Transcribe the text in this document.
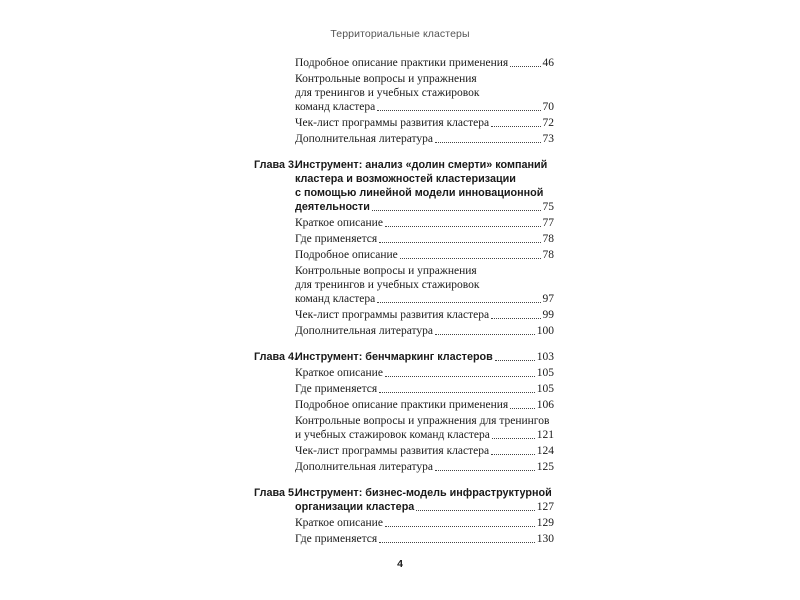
Территориальные кластеры
Подробное описание практики применения	46
Контрольные вопросы и упражнения
для тренингов и учебных стажировок
команд кластера	70
Чек-лист программы развития кластера	72
Дополнительная литература	73
Глава 3.
Инструмент: анализ «долин смерти» компаний
кластера и возможностей кластеризации
с помощью линейной модели инновационной
деятельности	75
Краткое описание	77
Где применяется	78
Подробное описание	78
Контрольные вопросы и упражнения
для тренингов и учебных стажировок
команд кластера	97
Чек-лист программы развития кластера	99
Дополнительная литература	100
Глава 4.
Инструмент: бенчмаркинг кластеров	103
Краткое описание	105
Где применяется	105
Подробное описание практики применения 106
Контрольные вопросы и упражнения для тренингов
и учебных стажировок команд кластера	121
Чек-лист программы развития кластера	124
Дополнительная литература	125
Глава 5.
Инструмент: бизнес-модель инфраструктурной
организации кластера	127
Краткое описание	129
Где применяется	130
4
